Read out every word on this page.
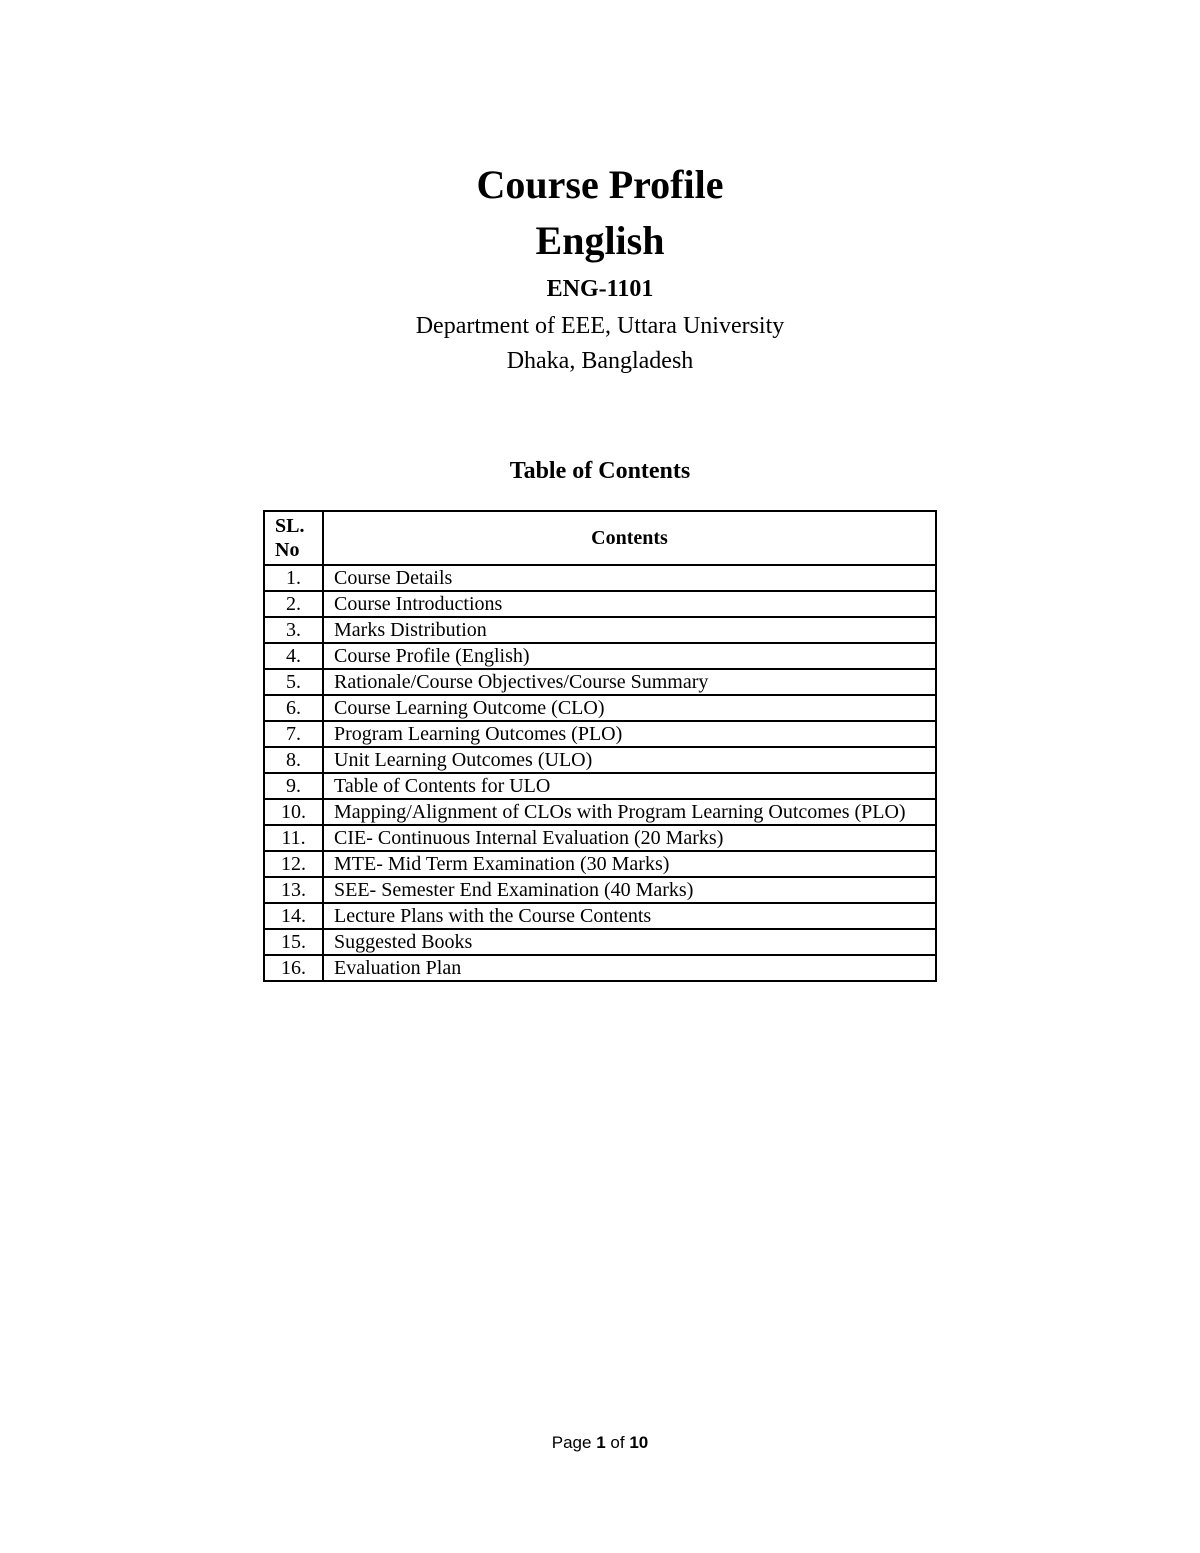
Course Profile
English
ENG-1101
Department of EEE, Uttara University
Dhaka, Bangladesh
Table of Contents
SL.
No	Contents
1.	Course Details
2.	Course Introductions
3.	Marks Distribution
4.	Course Profile (English)
5.	Rationale/Course Objectives/Course Summary
6.	Course Learning Outcome (CLO)
7.	Program Learning Outcomes (PLO)
8.	Unit Learning Outcomes (ULO)
9.	Table of Contents for ULO
10.	Mapping/Alignment of CLOs with Program Learning Outcomes (PLO)
11.	CIE- Continuous Internal Evaluation (20 Marks)
12.	MTE- Mid Term Examination (30 Marks)
13.	SEE- Semester End Examination (40 Marks)
14.	Lecture Plans with the Course Contents
15.	Suggested Books
16.	Evaluation Plan
Page 1 of 10
